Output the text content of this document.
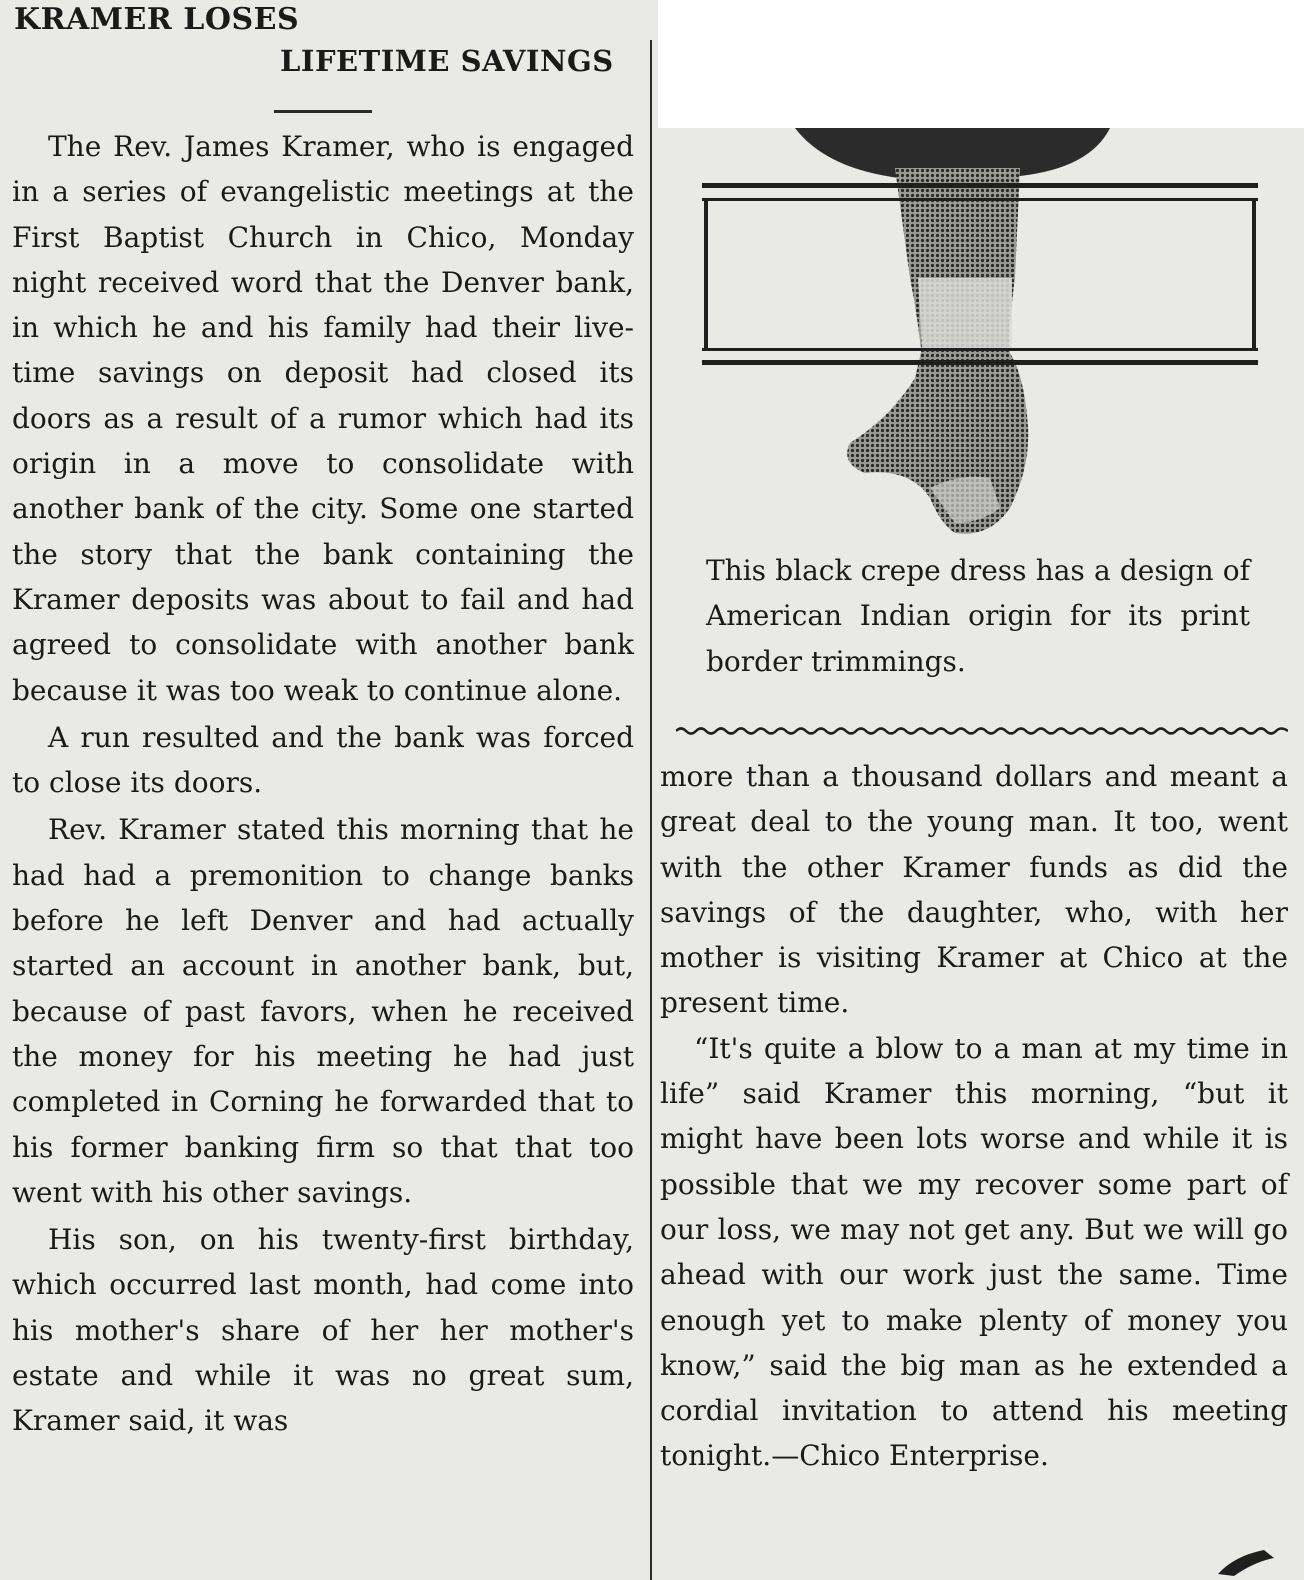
KRAMER LOSES
LIFETIME SAVINGS

The Rev. James Kramer, who is engaged in a series of evangelistic meetings at the First Baptist Church in Chico, Monday night received word that the Denver bank, in which he and his family had their live-time savings on deposit had closed its doors as a result of a rumor which had its origin in a move to consolidate with another bank of the city. Some one started the story that the bank containing the Kramer deposits was about to fail and had agreed to consolidate with another bank because it was too weak to continue alone.

A run resulted and the bank was forced to close its doors.

Rev. Kramer stated this morning that he had had a premonition to change banks before he left Denver and had actually started an account in another bank, but, because of past favors, when he received the money for his meeting he had just completed in Corning he forwarded that to his former banking firm so that that too went with his other savings.

His son, on his twenty-first birthday, which occurred last month, had come into his mother's share of her her mother's estate and while it was no great sum, Kramer said, it was

This black crepe dress has a design of American Indian origin for its print border trimmings.

more than a thousand dollars and meant a great deal to the young man. It too, went with the other Kramer funds as did the savings of the daughter, who, with her mother is visiting Kramer at Chico at the present time.

“It's quite a blow to a man at my time in life” said Kramer this morning, “but it might have been lots worse and while it is possible that we my recover some part of our loss, we may not get any. But we will go ahead with our work just the same. Time enough yet to make plenty of money you know,” said the big man as he extended a cordial invitation to attend his meeting tonight.—Chico Enterprise.
